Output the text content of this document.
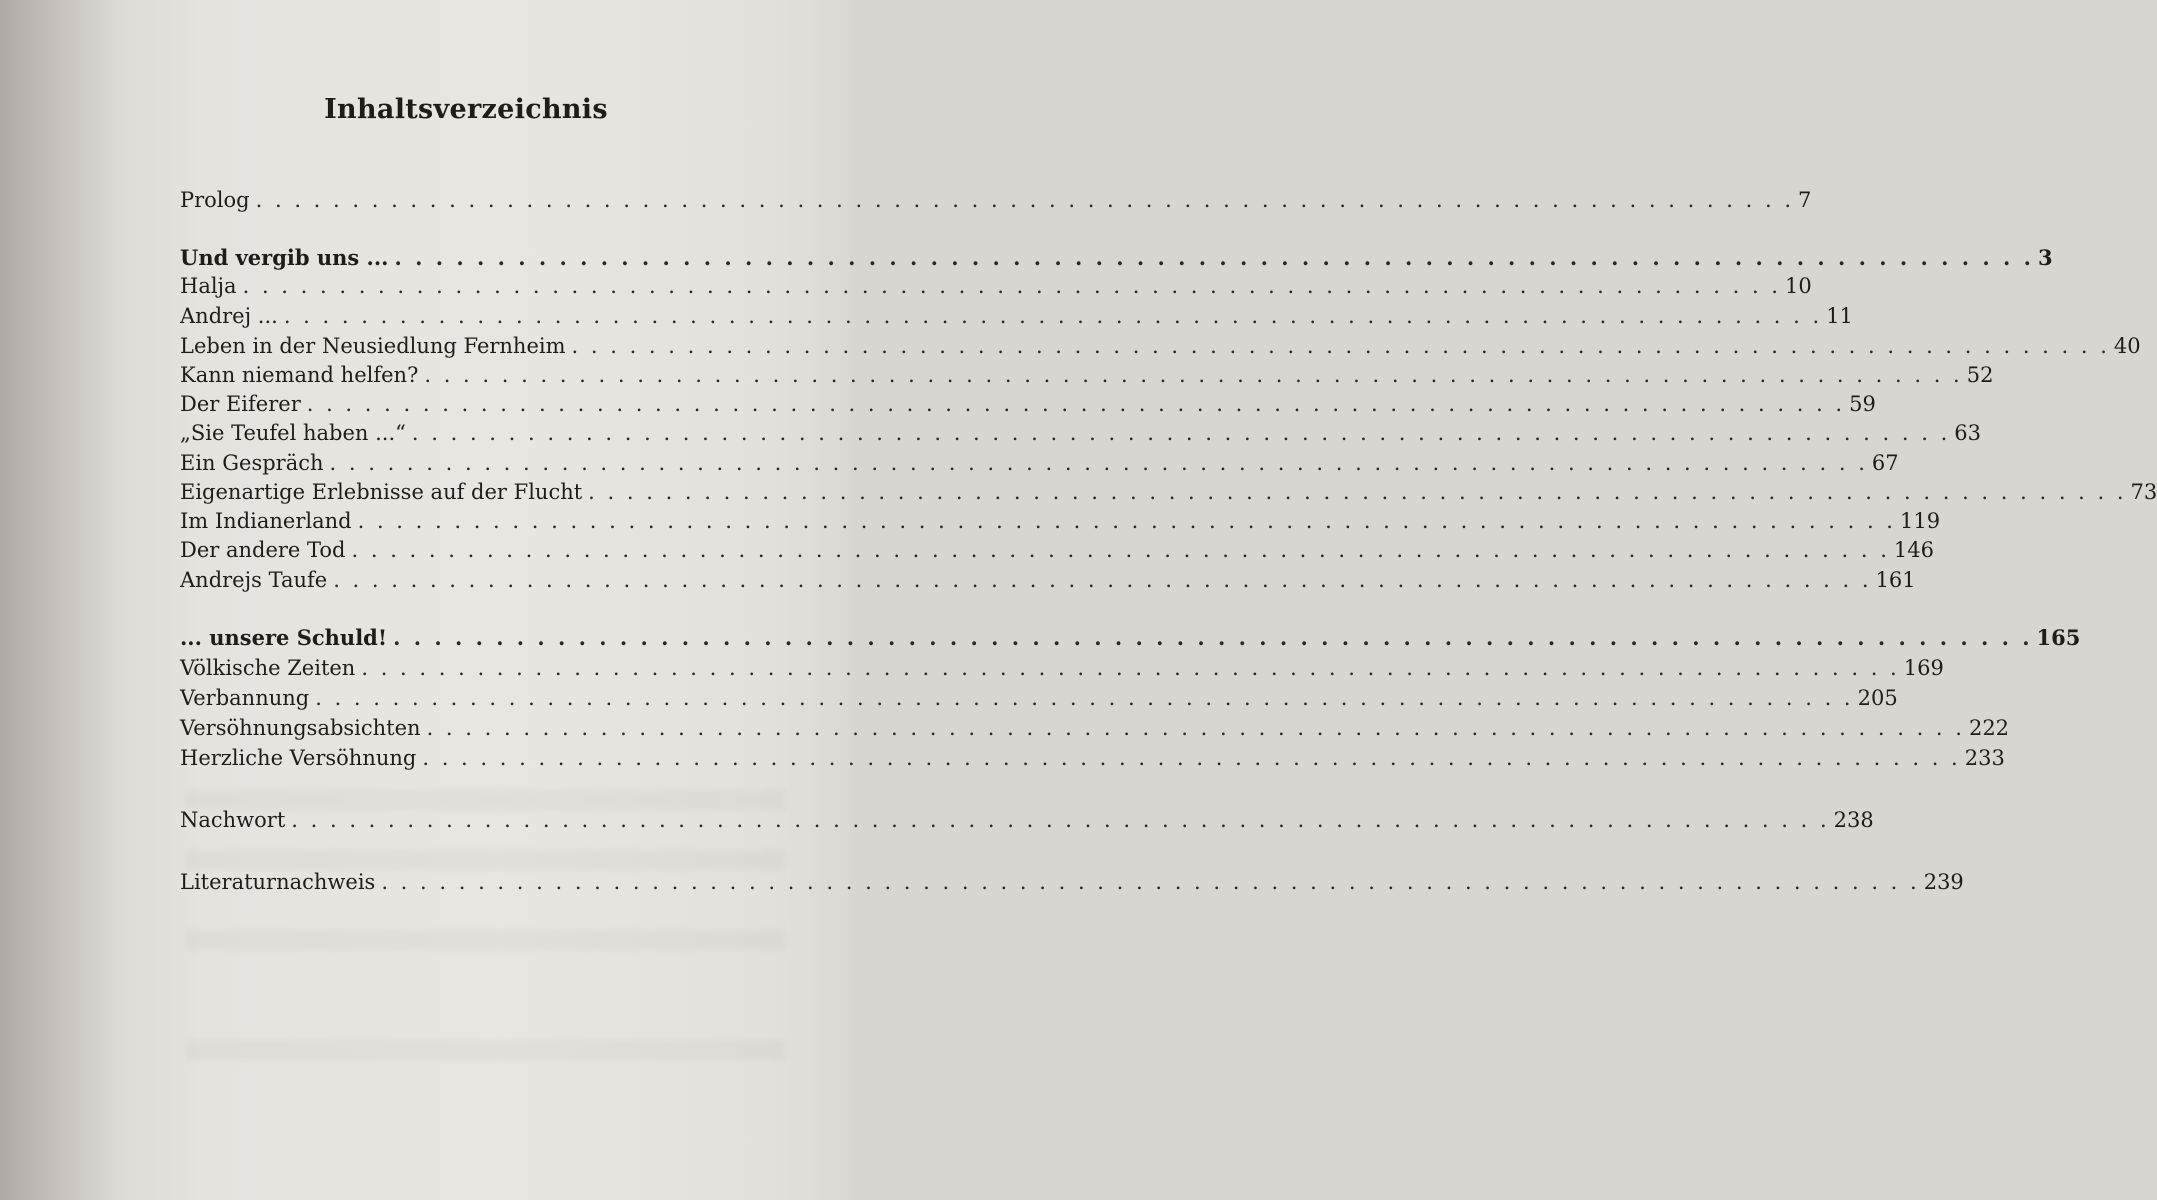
Inhaltsverzeichnis
Prolog . . . . . . . . . . . . . . . . . . . . . . . . . . . . . . . . . . . . . . . . . . . . . . . . . . . . . . . . . . . . . . . . . . . . . . . . . . . . . . . . 7
Und vergib uns ... . . . . . . . . . . . . . . . . . . . . . . . . . . . . . . . . . . . . . . . . . . . . . . . . . . . . . . . . . . . . . . . . . . . . . . . . . . . . . . . . 3
Halja . . . . . . . . . . . . . . . . . . . . . . . . . . . . . . . . . . . . . . . . . . . . . . . . . . . . . . . . . . . . . . . . . . . . . . . . . . . . . . . . 10
Andrej ... . . . . . . . . . . . . . . . . . . . . . . . . . . . . . . . . . . . . . . . . . . . . . . . . . . . . . . . . . . . . . . . . . . . . . . . . . . . . . . . . 11
Leben in der Neusiedlung Fernheim . . . . . . . . . . . . . . . . . . . . . . . . . . . . . . . . . . . . . . . . . . . . . . . . . . . . . . . . . . . . . . . . . . . . . . . . . . . . . . . . 40
Kann niemand helfen? . . . . . . . . . . . . . . . . . . . . . . . . . . . . . . . . . . . . . . . . . . . . . . . . . . . . . . . . . . . . . . . . . . . . . . . . . . . . . . . . 52
Der Eiferer . . . . . . . . . . . . . . . . . . . . . . . . . . . . . . . . . . . . . . . . . . . . . . . . . . . . . . . . . . . . . . . . . . . . . . . . . . . . . . . . 59
„Sie Teufel haben ...“ . . . . . . . . . . . . . . . . . . . . . . . . . . . . . . . . . . . . . . . . . . . . . . . . . . . . . . . . . . . . . . . . . . . . . . . . . . . . . . . . 63
Ein Gespräch . . . . . . . . . . . . . . . . . . . . . . . . . . . . . . . . . . . . . . . . . . . . . . . . . . . . . . . . . . . . . . . . . . . . . . . . . . . . . . . . 67
Eigenartige Erlebnisse auf der Flucht . . . . . . . . . . . . . . . . . . . . . . . . . . . . . . . . . . . . . . . . . . . . . . . . . . . . . . . . . . . . . . . . . . . . . . . . . . . . . . . . 73
Im Indianerland . . . . . . . . . . . . . . . . . . . . . . . . . . . . . . . . . . . . . . . . . . . . . . . . . . . . . . . . . . . . . . . . . . . . . . . . . . . . . . . . 119
Der andere Tod . . . . . . . . . . . . . . . . . . . . . . . . . . . . . . . . . . . . . . . . . . . . . . . . . . . . . . . . . . . . . . . . . . . . . . . . . . . . . . . . 146
Andrejs Taufe . . . . . . . . . . . . . . . . . . . . . . . . . . . . . . . . . . . . . . . . . . . . . . . . . . . . . . . . . . . . . . . . . . . . . . . . . . . . . . . . 161
... unsere Schuld! . . . . . . . . . . . . . . . . . . . . . . . . . . . . . . . . . . . . . . . . . . . . . . . . . . . . . . . . . . . . . . . . . . . . . . . . . . . . . . . . 165
Völkische Zeiten . . . . . . . . . . . . . . . . . . . . . . . . . . . . . . . . . . . . . . . . . . . . . . . . . . . . . . . . . . . . . . . . . . . . . . . . . . . . . . . . 169
Verbannung . . . . . . . . . . . . . . . . . . . . . . . . . . . . . . . . . . . . . . . . . . . . . . . . . . . . . . . . . . . . . . . . . . . . . . . . . . . . . . . . 205
Versöhnungsabsichten . . . . . . . . . . . . . . . . . . . . . . . . . . . . . . . . . . . . . . . . . . . . . . . . . . . . . . . . . . . . . . . . . . . . . . . . . . . . . . . . 222
Herzliche Versöhnung . . . . . . . . . . . . . . . . . . . . . . . . . . . . . . . . . . . . . . . . . . . . . . . . . . . . . . . . . . . . . . . . . . . . . . . . . . . . . . . . 233
Nachwort . . . . . . . . . . . . . . . . . . . . . . . . . . . . . . . . . . . . . . . . . . . . . . . . . . . . . . . . . . . . . . . . . . . . . . . . . . . . . . . . 238
Literaturnachweis . . . . . . . . . . . . . . . . . . . . . . . . . . . . . . . . . . . . . . . . . . . . . . . . . . . . . . . . . . . . . . . . . . . . . . . . . . . . . . . . 239
